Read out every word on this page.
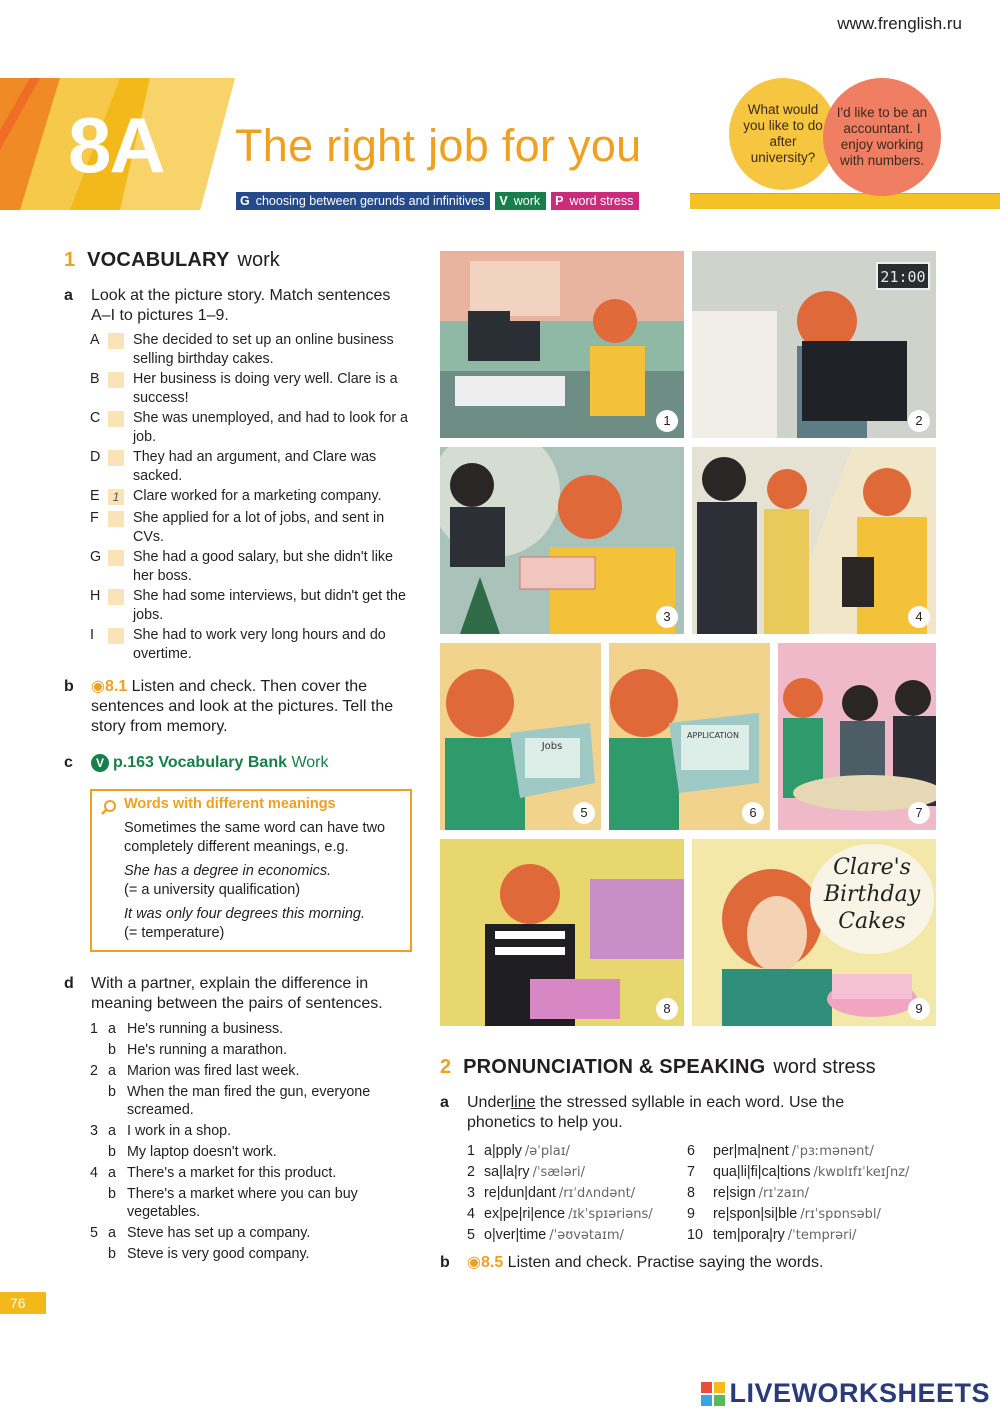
www.frenglish.ru
8A The right job for you
G choosing between gerunds and infinitives	V work	P word stress
What would you like to do after university?
I'd like to be an accountant. I enjoy working with numbers.
1 VOCABULARY work
a Look at the picture story. Match sentences A–I to pictures 1–9.
A	She decided to set up an online business selling birthday cakes.
B	Her business is doing very well. Clare is a success!
C	She was unemployed, and had to look for a job.
D	They had an argument, and Clare was sacked.
E	1 Clare worked for a marketing company.
F	She applied for a lot of jobs, and sent in CVs.
G	She had a good salary, but she didn't like her boss.
H	She had some interviews, but didn't get the jobs.
I	She had to work very long hours and do overtime.
b ◉8.1 Listen and check. Then cover the sentences and look at the pictures. Tell the story from memory.
c V p.163 Vocabulary Bank Work
Words with different meanings

Sometimes the same word can have two completely different meanings, e.g.

She has a degree in economics.
(= a university qualification)

It was only four degrees this morning.
(= temperature)

d With a partner, explain the difference in meaning between the pairs of sentences.
1 a He's running a business.
b He's running a marathon.
2 a Marion was fired last week.
b When the man fired the gun, everyone screamed.
3 a I work in a shop.
b My laptop doesn't work.
4 a There's a market for this product.
b There's a market where you can buy vegetables.
5 a Steve has set up a company.
b Steve is very good company.
1
21:00
2
3	4
Jobs
5
APPLICATION
6	7
8
Clare's
Birthday
Cakes
9
2 PRONUNCIATION & SPEAKING word stress
a Underline the stressed syllable in each word. Use the phonetics to help you.
1 a|pply /əˈplaɪ/
2 sa|la|ry /ˈsæləri/
3 re|dun|dant /rɪˈdʌndənt/
4 ex|pe|ri|ence /ɪkˈspɪəriəns/
5 o|ver|time /ˈəʊvətaɪm/
6 per|ma|nent /ˈpɜːmənənt/
7 qua|li|fi|ca|tions /kwɒlɪfɪˈkeɪʃnz/
8 re|sign /rɪˈzaɪn/
9 re|spon|si|ble /rɪˈspɒnsəbl/
10 tem|pora|ry /ˈtemprəri/
b ◉8.5 Listen and check. Practise saying the words.
76
LIVEWORKSHEETS
